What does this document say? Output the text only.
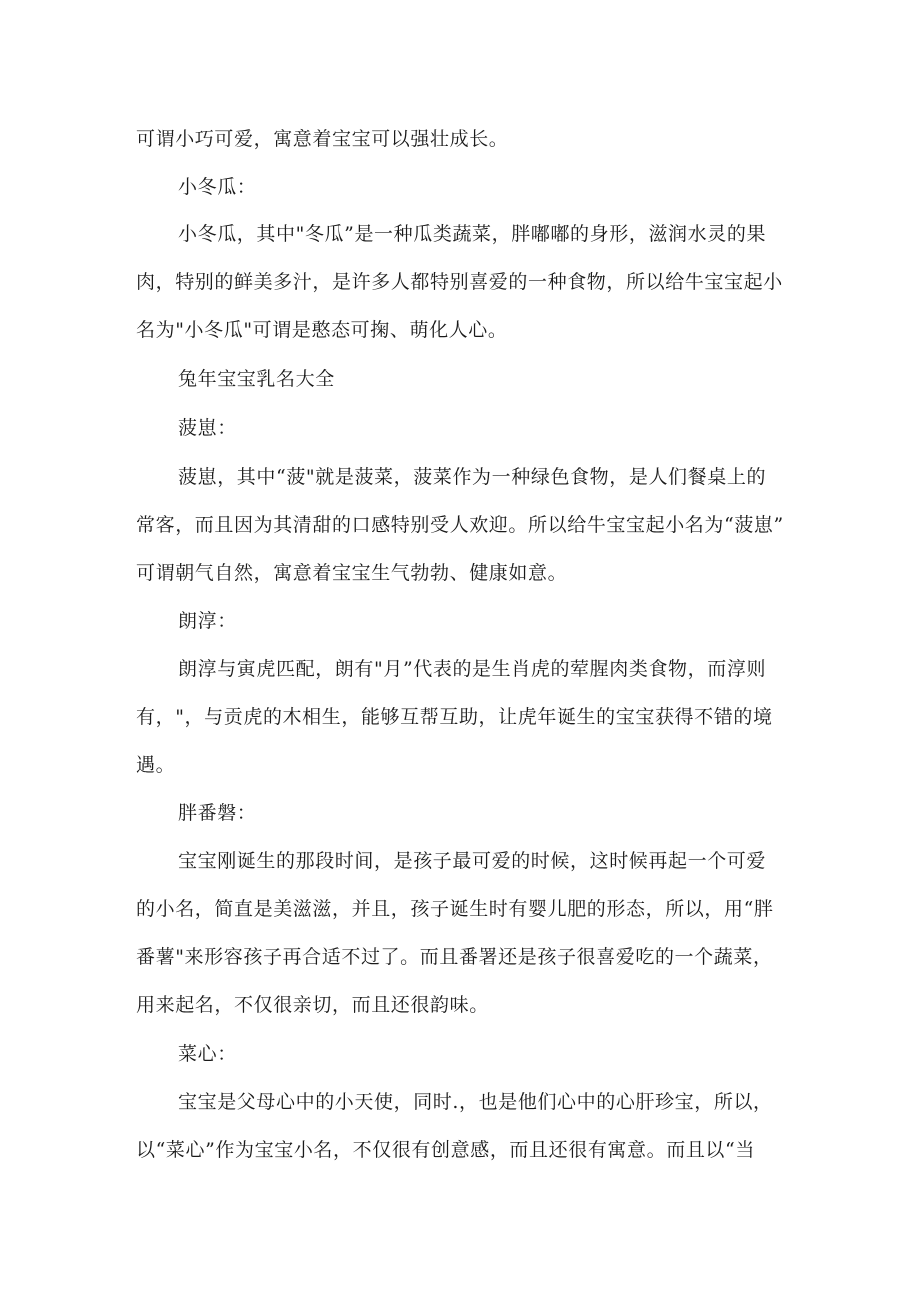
可谓小巧可爱，寓意着宝宝可以强壮成长。
小冬瓜：
小冬瓜，其中"冬瓜”是一种瓜类蔬菜，胖嘟嘟的身形，滋润水灵的果
肉，特别的鲜美多汁，是许多人都特别喜爱的一种食物，所以给牛宝宝起小
名为"小冬瓜"可谓是憨态可掬、萌化人心。
兔年宝宝乳名大全
菠崽：
菠崽，其中“菠"就是菠菜，菠菜作为一种绿色食物，是人们餐桌上的
常客，而且因为其清甜的口感特别受人欢迎。所以给牛宝宝起小名为“菠崽”
可谓朝气自然，寓意着宝宝生气勃勃、健康如意。
朗淳：
朗淳与寅虎匹配，朗有"月”代表的是生肖虎的荤腥肉类食物，而淳则
有，"，与贡虎的木相生，能够互帮互助，让虎年诞生的宝宝获得不错的境
遇。
胖番磐：
宝宝刚诞生的那段时间，是孩子最可爱的时候，这时候再起一个可爱
的小名，简直是美滋滋，并且，孩子诞生时有婴儿肥的形态，所以，用“胖
番薯"来形容孩子再合适不过了。而且番署还是孩子很喜爱吃的一个蔬菜，
用来起名，不仅很亲切，而且还很韵味。
菜心：
宝宝是父母心中的小天使，同时.，也是他们心中的心肝珍宝，所以，
以“菜心”作为宝宝小名，不仅很有创意感，而且还很有寓意。而且以“当
